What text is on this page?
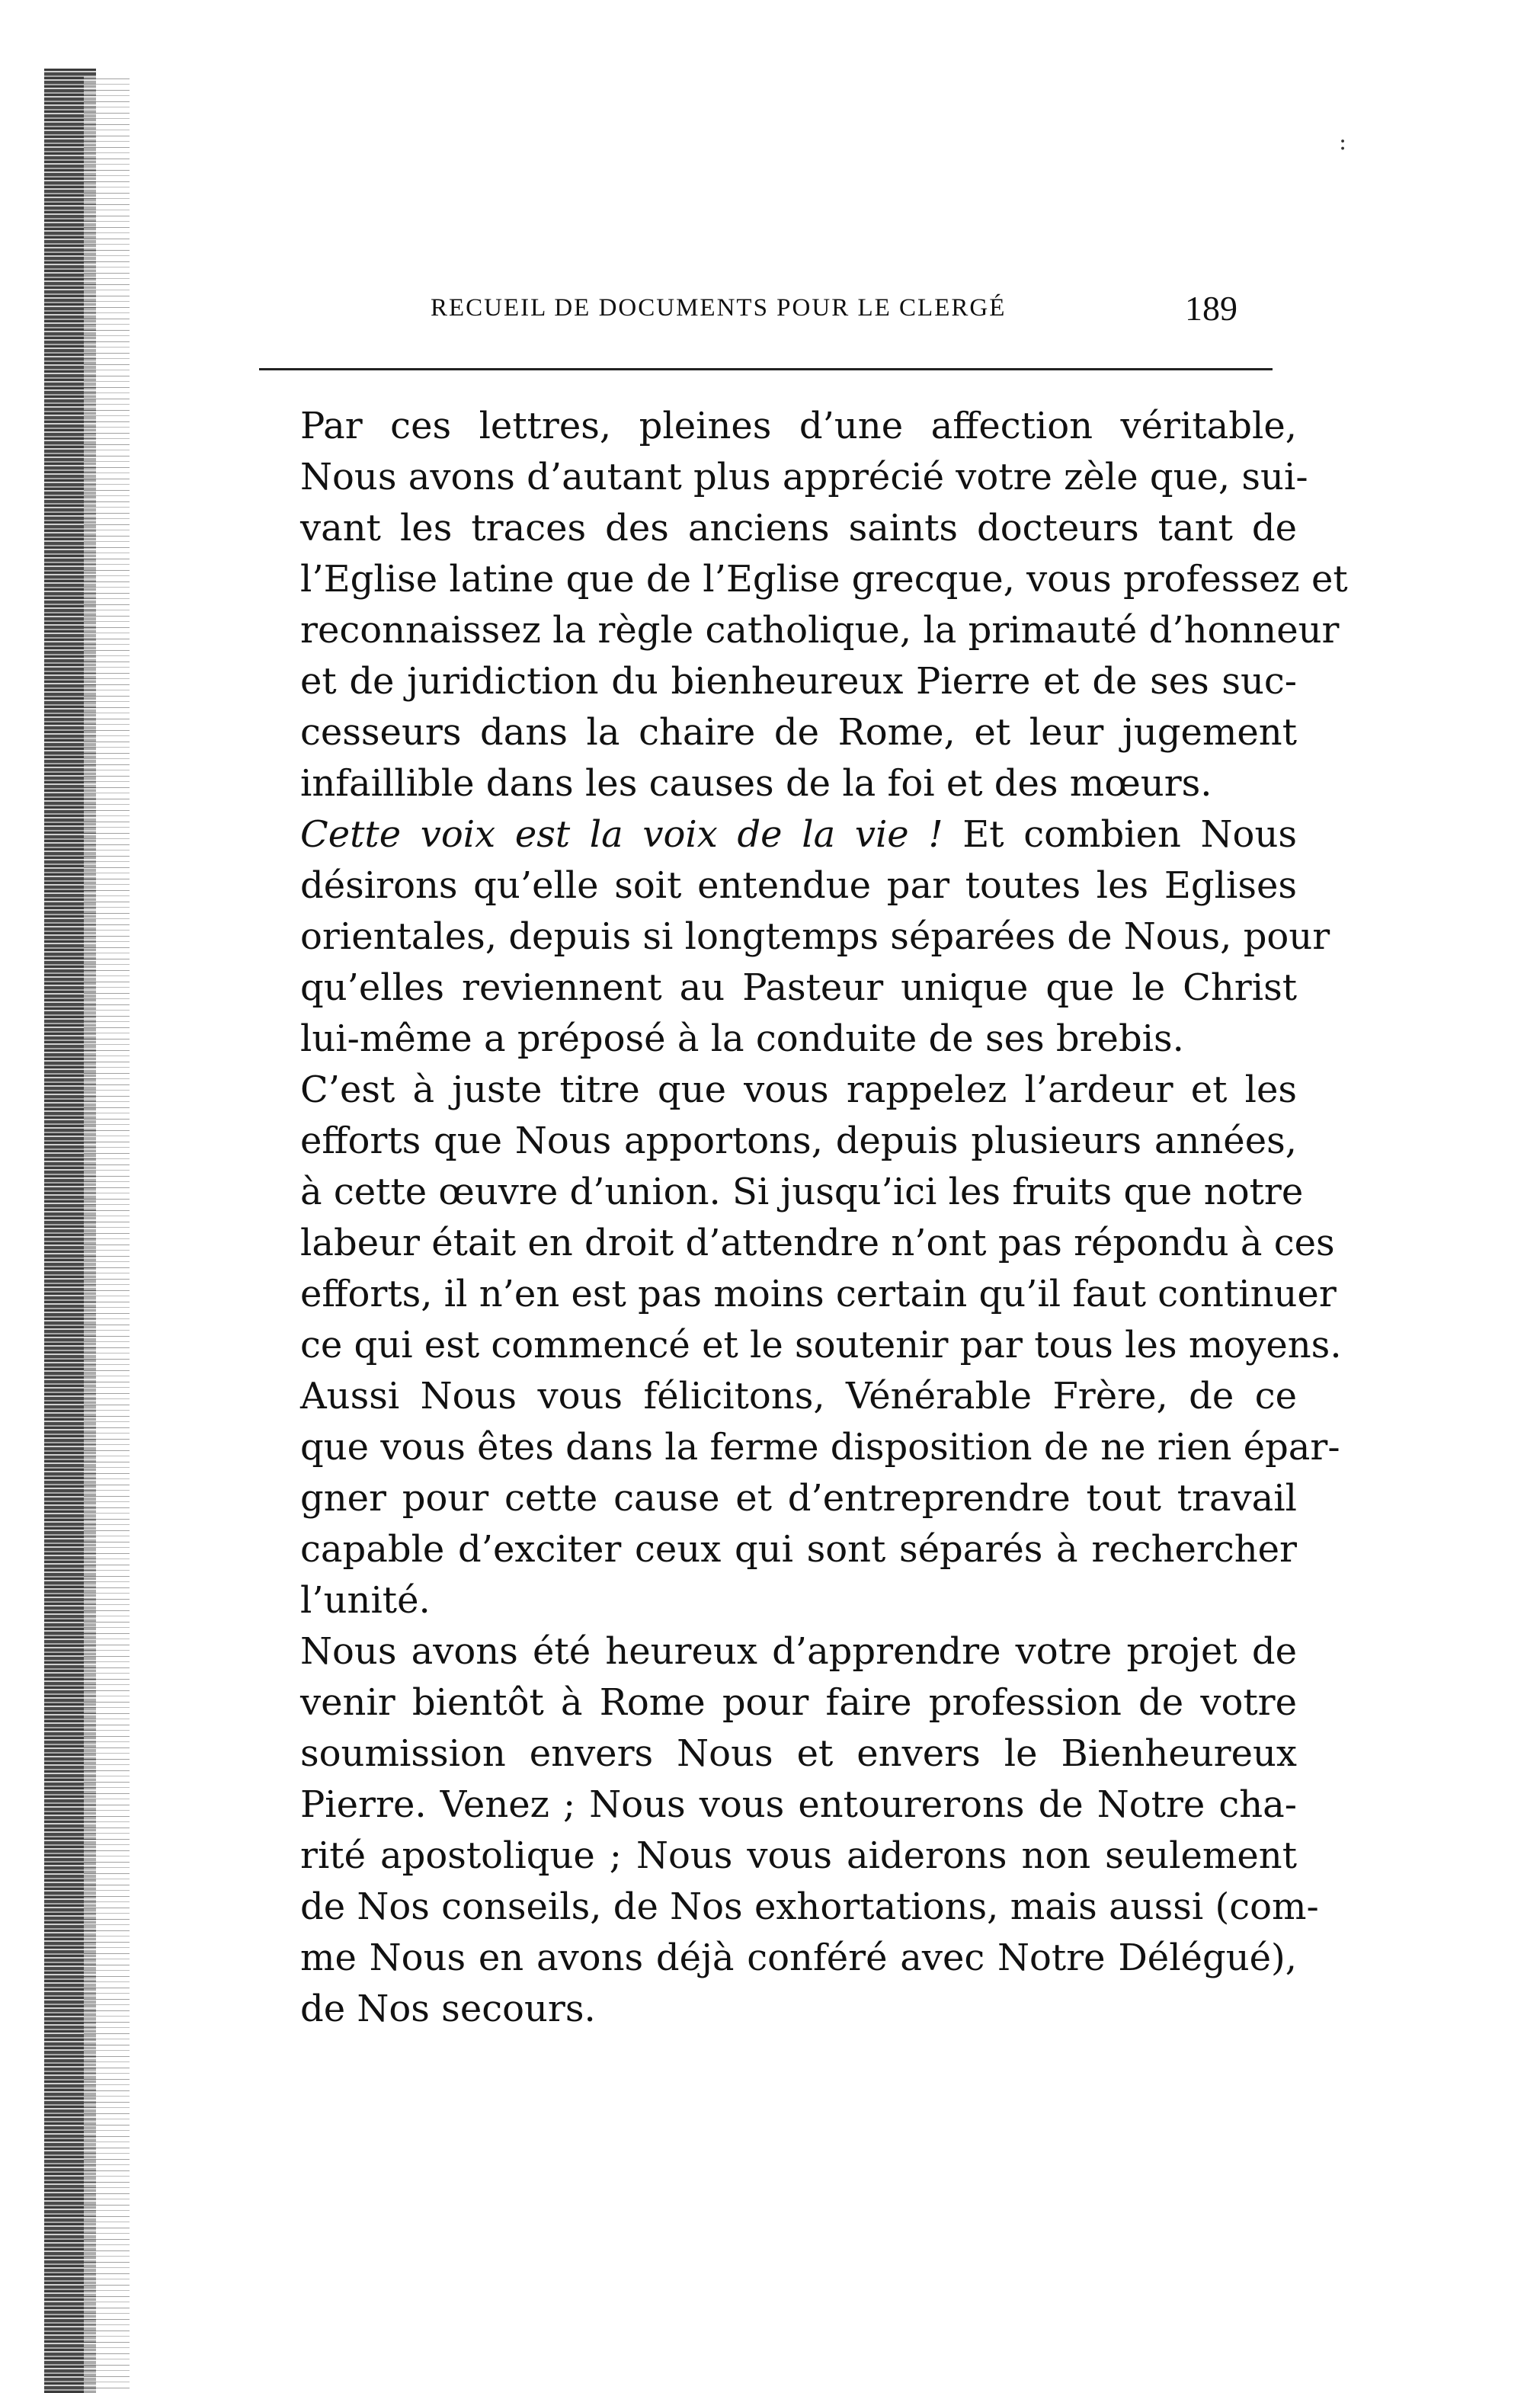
:
RECUEIL DE DOCUMENTS POUR LE CLERGÉ	189

Par ces lettres, pleines d’une affection véritable,
Nous avons d’autant plus apprécié votre zèle que, sui-
vant les traces des anciens saints docteurs tant de
l’Eglise latine que de l’Eglise grecque, vous professez et
reconnaissez la règle catholique, la primauté d’honneur
et de juridiction du bienheureux Pierre et de ses suc-
cesseurs dans la chaire de Rome, et leur jugement
infaillible dans les causes de la foi et des mœurs.

Cette voix est la voix de la vie ! Et combien Nous
désirons qu’elle soit entendue par toutes les Eglises
orientales, depuis si longtemps séparées de Nous, pour
qu’elles reviennent au Pasteur unique que le Christ
lui-même a préposé à la conduite de ses brebis.

C’est à juste titre que vous rappelez l’ardeur et les
efforts que Nous apportons, depuis plusieurs années,
à cette œuvre d’union. Si jusqu’ici les fruits que notre
labeur était en droit d’attendre n’ont pas répondu à ces
efforts, il n’en est pas moins certain qu’il faut continuer
ce qui est commencé et le soutenir par tous les moyens.

Aussi Nous vous félicitons, Vénérable Frère, de ce
que vous êtes dans la ferme disposition de ne rien épar-
gner pour cette cause et d’entreprendre tout travail
capable d’exciter ceux qui sont séparés à rechercher
l’unité.

Nous avons été heureux d’apprendre votre projet de
venir bientôt à Rome pour faire profession de votre
soumission envers Nous et envers le Bienheureux
Pierre. Venez ; Nous vous entourerons de Notre cha-
rité apostolique ; Nous vous aiderons non seulement
de Nos conseils, de Nos exhortations, mais aussi (com-
me Nous en avons déjà conféré avec Notre Délégué),
de Nos secours.
